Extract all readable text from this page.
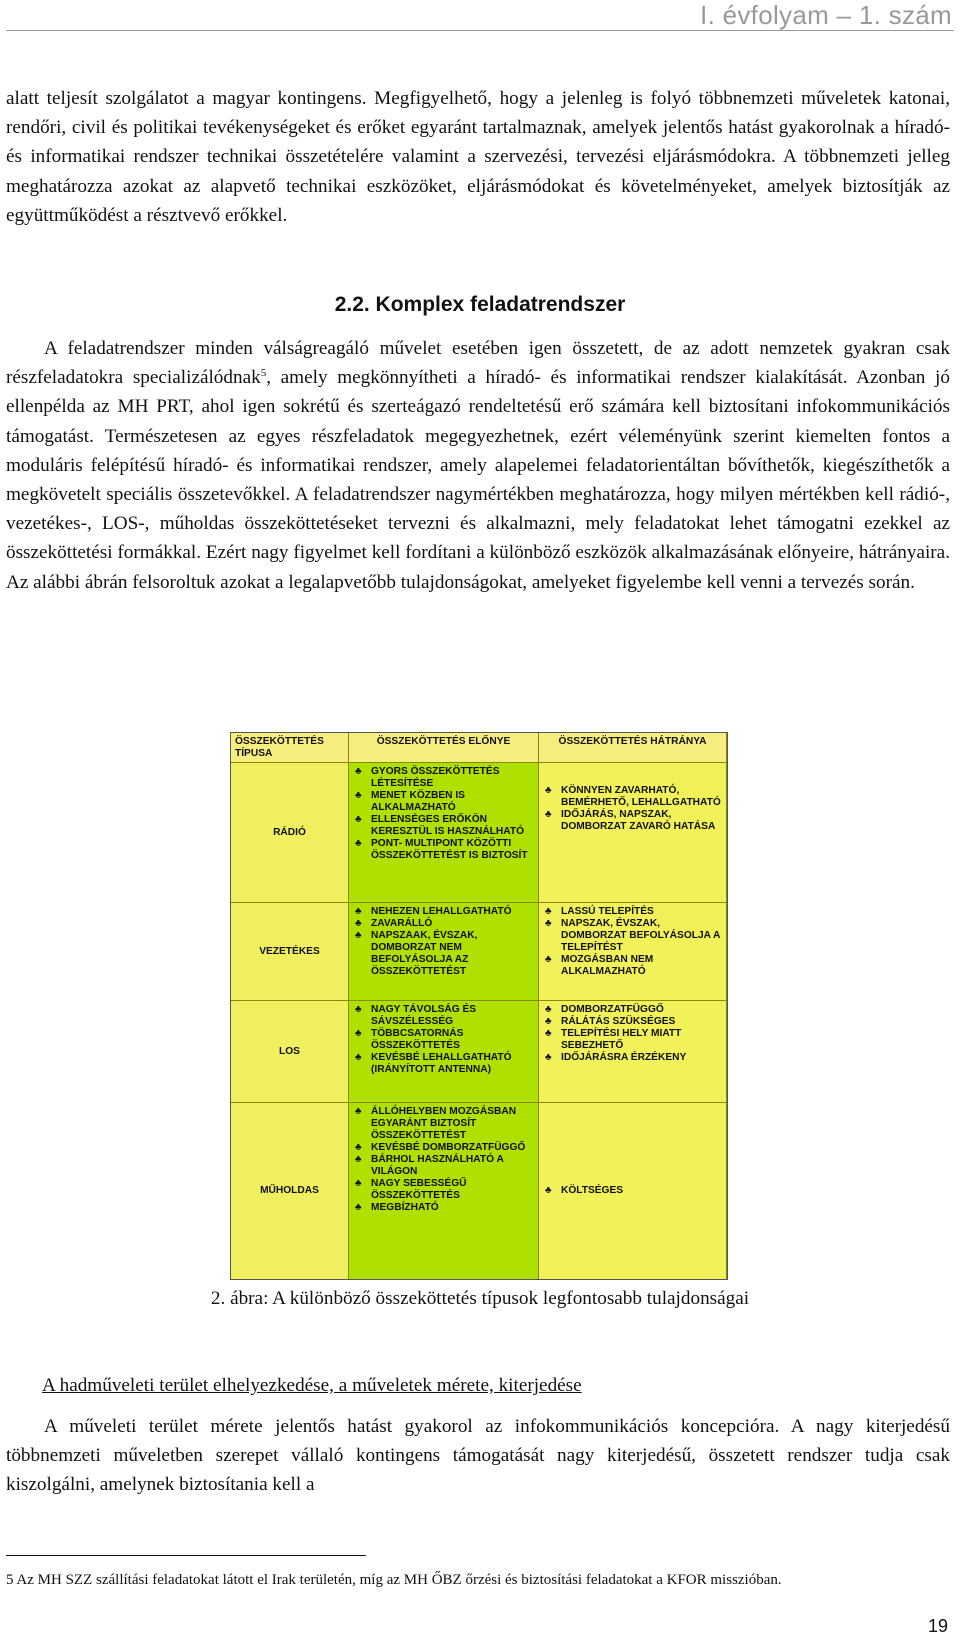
I. évfolyam – 1. szám
alatt teljesít szolgálatot a magyar kontingens. Megfigyelhető, hogy a jelenleg is folyó többnemzeti műveletek katonai, rendőri, civil és politikai tevékenységeket és erőket egyaránt tartalmaznak, amelyek jelentős hatást gyakorolnak a híradó- és informatikai rendszer technikai összetételére valamint a szervezési, tervezési eljárásmódokra. A többnemzeti jelleg meghatározza azokat az alapvető technikai eszközöket, eljárásmódokat és követelményeket, amelyek biztosítják az együttműködést a résztvevő erőkkel.
2.2. Komplex feladatrendszer
A feladatrendszer minden válságreagáló művelet esetében igen összetett, de az adott nemzetek gyakran csak részfeladatokra specializálódnak$^5$, amely megkönnyítheti a híradó- és informatikai rendszer kialakítását. Azonban jó ellenpélda az MH PRT, ahol igen sokrétű és szerteágazó rendeltetésű erő számára kell biztosítani infokommunikációs támogatást. Természetesen az egyes részfeladatok megegyezhetnek, ezért véleményünk szerint kiemelten fontos a moduláris felépítésű híradó- és informatikai rendszer, amely alapelemei feladatorientáltan bővíthetők, kiegészíthetők a megkövetelt speciális összetevőkkel. A feladatrendszer nagymértékben meghatározza, hogy milyen mértékben kell rádió-, vezetékes-, LOS-, műholdas összeköttetéseket tervezni és alkalmazni, mely feladatokat lehet támogatni ezekkel az összeköttetési formákkal. Ezért nagy figyelmet kell fordítani a különböző eszközök alkalmazásának előnyeire, hátrányaira. Az alábbi ábrán felsoroltuk azokat a legalapvetőbb tulajdonságokat, amelyeket figyelembe kell venni a tervezés során.
ÖSSZEKÖTTETÉS TÍPUSA
ÖSSZEKÖTTETÉS ELŐNYE	ÖSSZEKÖTTETÉS HÁTRÁNYA
RÁDIÓ
♣ GYORS ÖSSZEKÖTTETÉS LÉTESÍTÉSE
♣ MENET KÖZBEN IS ALKALMAZHATÓ
♣ ELLENSÉGES ERŐKÖN KERESZTÜL IS HASZNÁLHATÓ
♣ PONT- MULTIPONT KÖZÖTTI ÖSSZEKÖTTETÉST IS BIZTOSÍT
♣ KÖNNYEN ZAVARHATÓ, BEMÉRHETŐ, LEHALLGATHATÓ
♣ IDŐJÁRÁS, NAPSZAK, DOMBORZAT ZAVARÓ HATÁSA
VEZETÉKES
♣ NEHEZEN LEHALLGATHATÓ
♣ ZAVARÁLLÓ
♣ NAPSZAAK, ÉVSZAK, DOMBORZAT NEM BEFOLYÁSOLJA AZ ÖSSZEKÖTTETÉST
♣ LASSÚ TELEPÍTÉS
♣ NAPSZAK, ÉVSZAK, DOMBORZAT BEFOLYÁSOLJA A TELEPÍTÉST
♣ MOZGÁSBAN NEM ALKALMAZHATÓ
LOS
♣ NAGY TÁVOLSÁG ÉS SÁVSZÉLESSÉG
♣ TÖBBCSATORNÁS ÖSSZEKÖTTETÉS
♣ KEVÉSBÉ LEHALLGATHATÓ (IRÁNYÍTOTT ANTENNA)
♣ DOMBORZATFÜGGŐ
♣ RÁLÁTÁS SZÜKSÉGES
♣ TELEPÍTÉSI HELY MIATT SEBEZHETŐ
♣ IDŐJÁRÁSRA ÉRZÉKENY
MŰHOLDAS
♣ ÁLLÓHELYBEN MOZGÁSBAN EGYARÁNT BIZTOSÍT ÖSSZEKÖTTETÉST
♣ KEVÉSBÉ DOMBORZATFÜGGŐ
♣ BÁRHOL HASZNÁLHATÓ A VILÁGON
♣ NAGY SEBESSÉGŰ ÖSSZEKÖTTETÉS
♣ MEGBÍZHATÓ
♣ KÖLTSÉGES
2. ábra: A különböző összeköttetés típusok legfontosabb tulajdonságai
A hadműveleti terület elhelyezkedése, a műveletek mérete, kiterjedése
A műveleti terület mérete jelentős hatást gyakorol az infokommunikációs koncepcióra. A nagy kiterjedésű többnemzeti műveletben szerepet vállaló kontingens támogatását nagy kiterjedésű, összetett rendszer tudja csak kiszolgálni, amelynek biztosítania kell a
5 Az MH SZZ szállítási feladatokat látott el Irak területén, míg az MH ŐBZ őrzési és biztosítási feladatokat a KFOR misszióban.
19
